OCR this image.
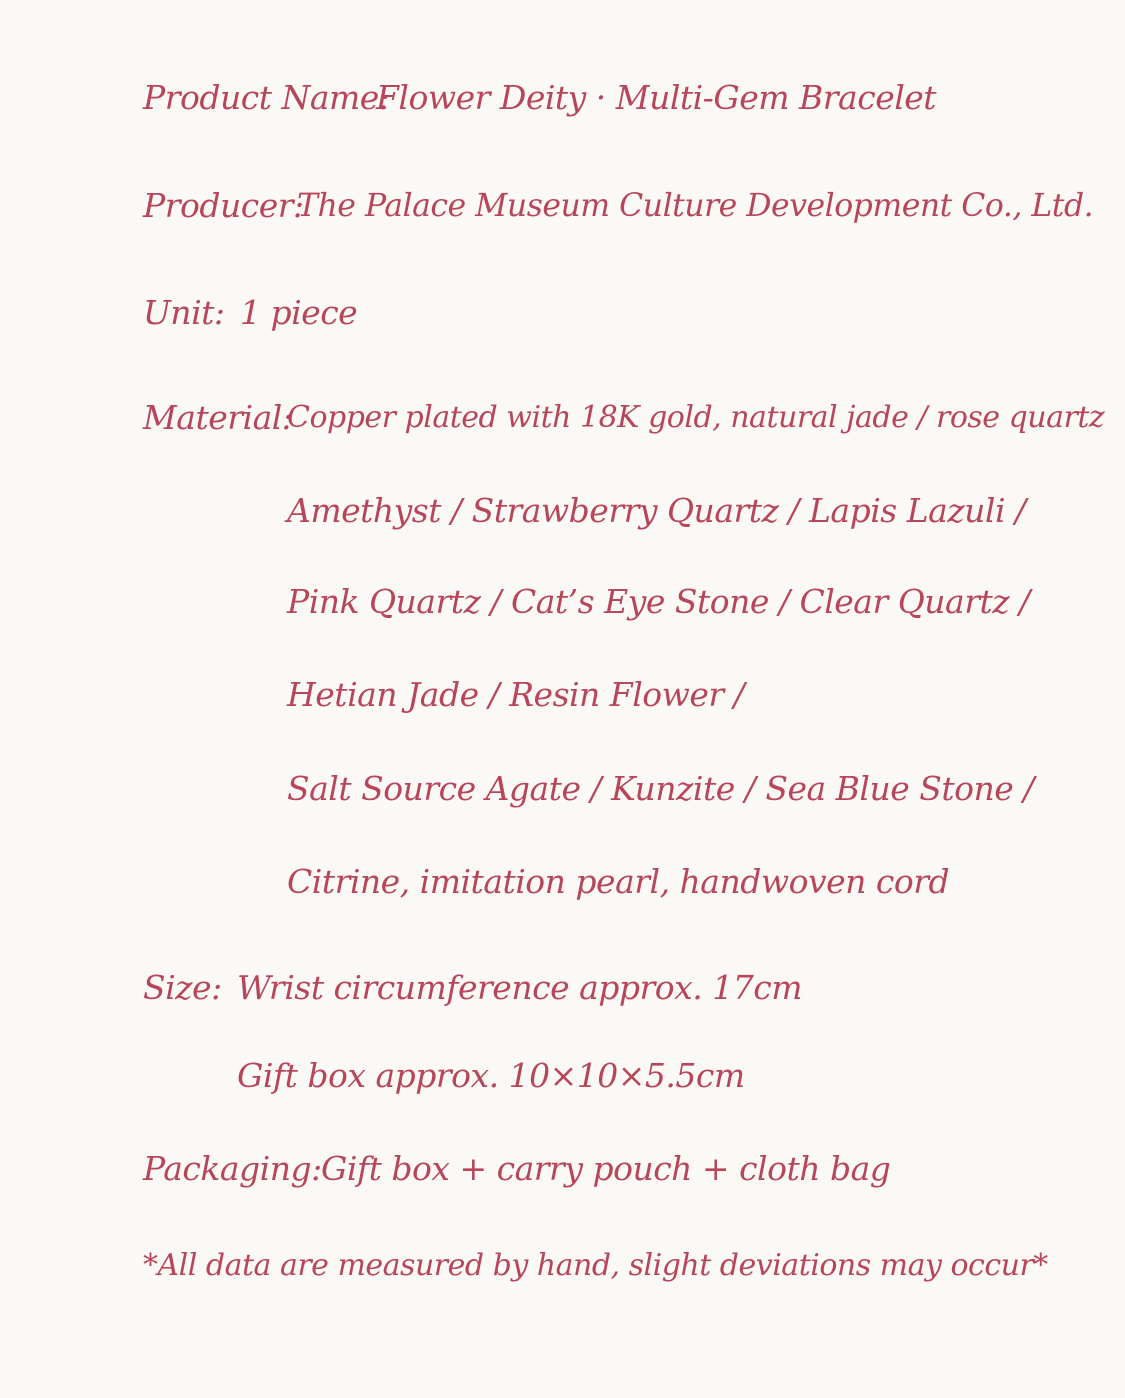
Product Name:
Flower Deity · Multi-Gem Bracelet
Producer:
The Palace Museum Culture Development Co., Ltd.
Unit: 1 piece
Material:
Copper plated with 18K gold, natural jade / rose quartz
Amethyst / Strawberry Quartz / Lapis Lazuli /
Pink Quartz / Cat’s Eye Stone / Clear Quartz /
Hetian Jade / Resin Flower /
Salt Source Agate / Kunzite / Sea Blue Stone /
Citrine, imitation pearl, handwoven cord
Size: Wrist circumference approx. 17cm
Gift box approx. 10×10×5.5cm
Packaging: Gift box + carry pouch + cloth bag
*All data are measured by hand, slight deviations may occur*
